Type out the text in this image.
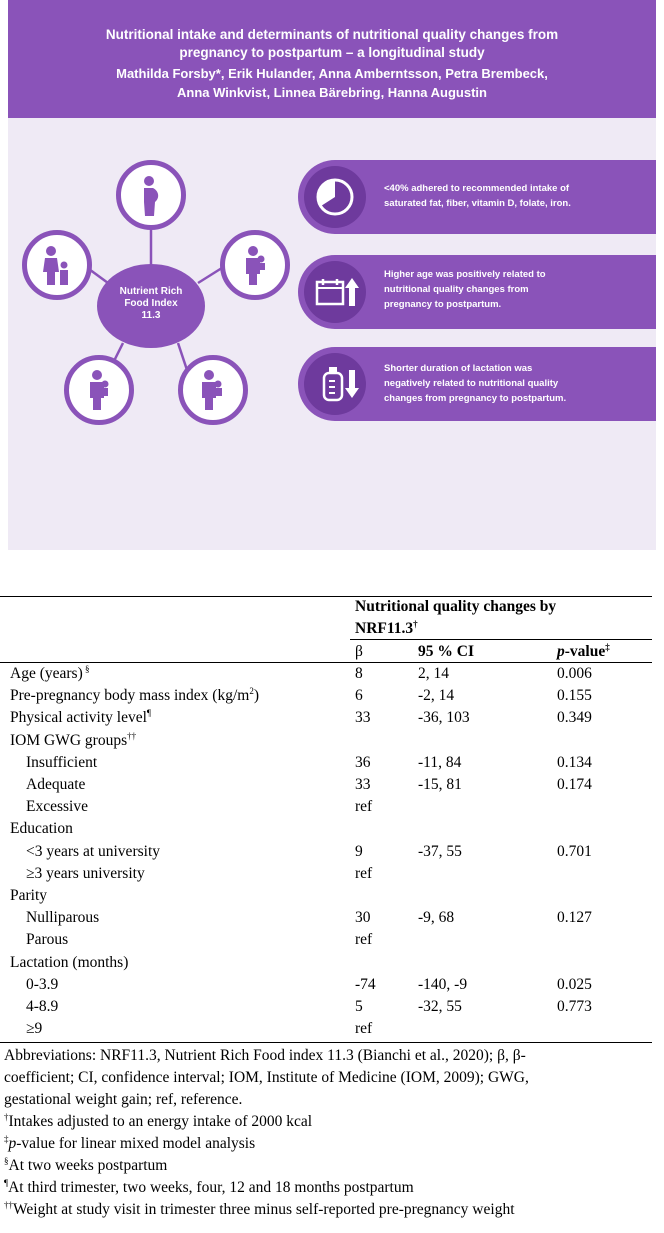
Nutritional intake and determinants of nutritional quality changes from
pregnancy to postpartum – a longitudinal study
Mathilda Forsby*, Erik Hulander, Anna Amberntsson, Petra Brembeck,
Anna Winkvist, Linnea Bärebring, Hanna Augustin
Nutrient Rich
Food Index
11.3
<40% adhered to recommended intake of
saturated fat, fiber, vitamin D, folate, iron.
Higher age was positively related to
nutritional quality changes from
pregnancy to postpartum.
Shorter duration of lactation was
negatively related to nutritional quality
changes from pregnancy to postpartum.
Nutritional quality changes by
NRF11.3†
β	95 % CI	p-value‡
Age (years) §	8	2, 14	0.006
Pre-pregnancy body mass index $(kg/m^2)$	6	-2, 14	0.155
Physical activity level¶	33	-36, 103	0.349
IOM GWG groups††
Insufficient	36	-11, 84	0.134
Adequate	33	-15, 81	0.174
Excessive	ref
Education
<3 years at university	9	-37, 55	0.701
≥3 years university	ref
Parity
Nulliparous	30	-9, 68	0.127
Parous	ref
Lactation (months)
0-3.9	-74	-140, -9	0.025
4-8.9	5	-32, 55	0.773
≥9	ref
Abbreviations: NRF11.3, Nutrient Rich Food index 11.3 (Bianchi et al., 2020); β, β-
coefficient; CI, confidence interval; IOM, Institute of Medicine (IOM, 2009); GWG,
gestational weight gain; ref, reference.
†Intakes adjusted to an energy intake of 2000 kcal
‡p-value for linear mixed model analysis
§At two weeks postpartum
¶At third trimester, two weeks, four, 12 and 18 months postpartum
††Weight at study visit in trimester three minus self-reported pre-pregnancy weight
